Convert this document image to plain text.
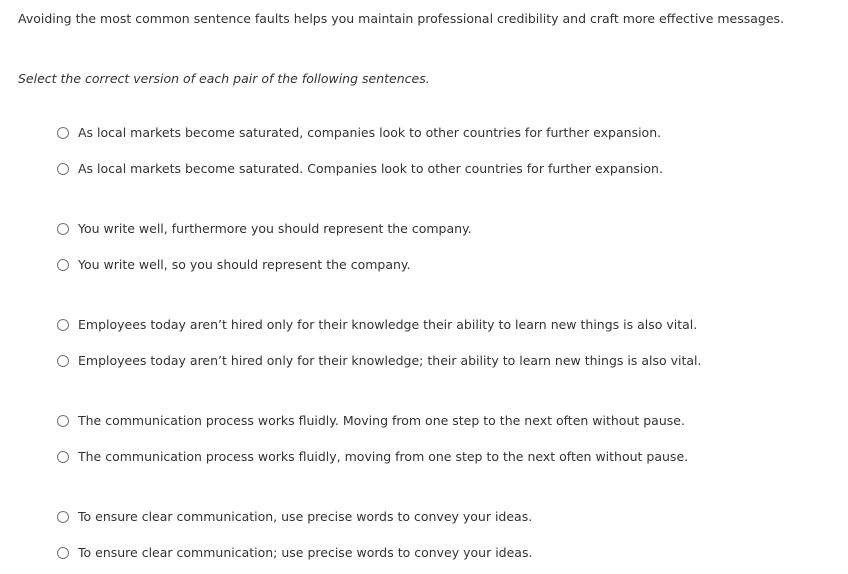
Avoiding the most common sentence faults helps you maintain professional credibility and craft more effective messages.
Select the correct version of each pair of the following sentences.
As local markets become saturated, companies look to other countries for further expansion.
As local markets become saturated. Companies look to other countries for further expansion.
You write well, furthermore you should represent the company.
You write well, so you should represent the company.
Employees today aren’t hired only for their knowledge their ability to learn new things is also vital.
Employees today aren’t hired only for their knowledge; their ability to learn new things is also vital.
The communication process works fluidly. Moving from one step to the next often without pause.
The communication process works fluidly, moving from one step to the next often without pause.
To ensure clear communication, use precise words to convey your ideas.
To ensure clear communication; use precise words to convey your ideas.
